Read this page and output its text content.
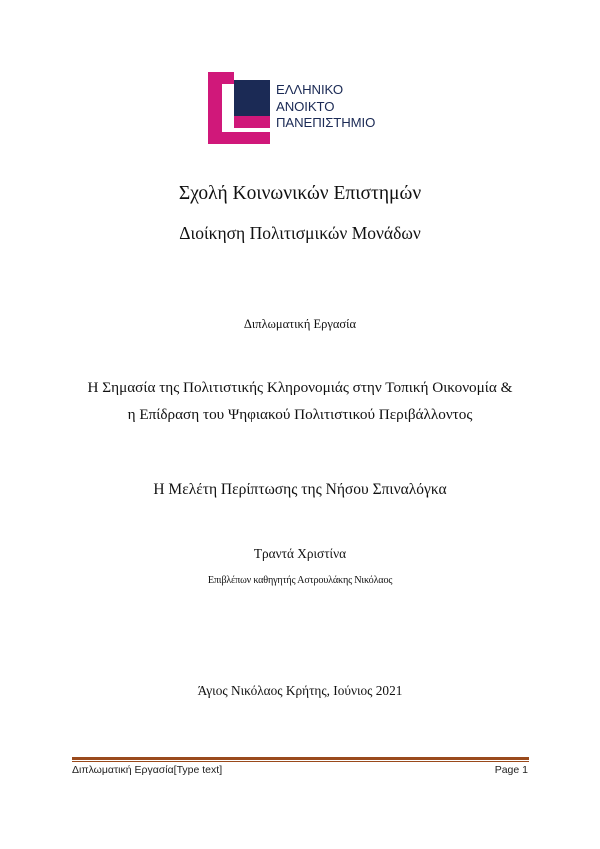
ΕΛΛΗΝΙΚΟ
ΑΝΟΙΚΤΟ
ΠΑΝΕΠΙΣΤΗΜΙΟ
Σχολή Κοινωνικών Επιστημών
Διοίκηση Πολιτισμικών Μονάδων
Διπλωματική Εργασία
Η Σημασία της Πολιτιστικής Κληρονομιάς στην Τοπική Οικονομία &
η Επίδραση του Ψηφιακού Πολιτιστικού Περιβάλλοντος
Η Μελέτη Περίπτωσης της Νήσου Σπιναλόγκα
Τραντά Χριστίνα
Επιβλέπων καθηγητής Αστρουλάκης Νικόλαος
Άγιος Νικόλαος Κρήτης, Ιούνιος 2021
Διπλωματική Εργασία[Type text]	Page 1
